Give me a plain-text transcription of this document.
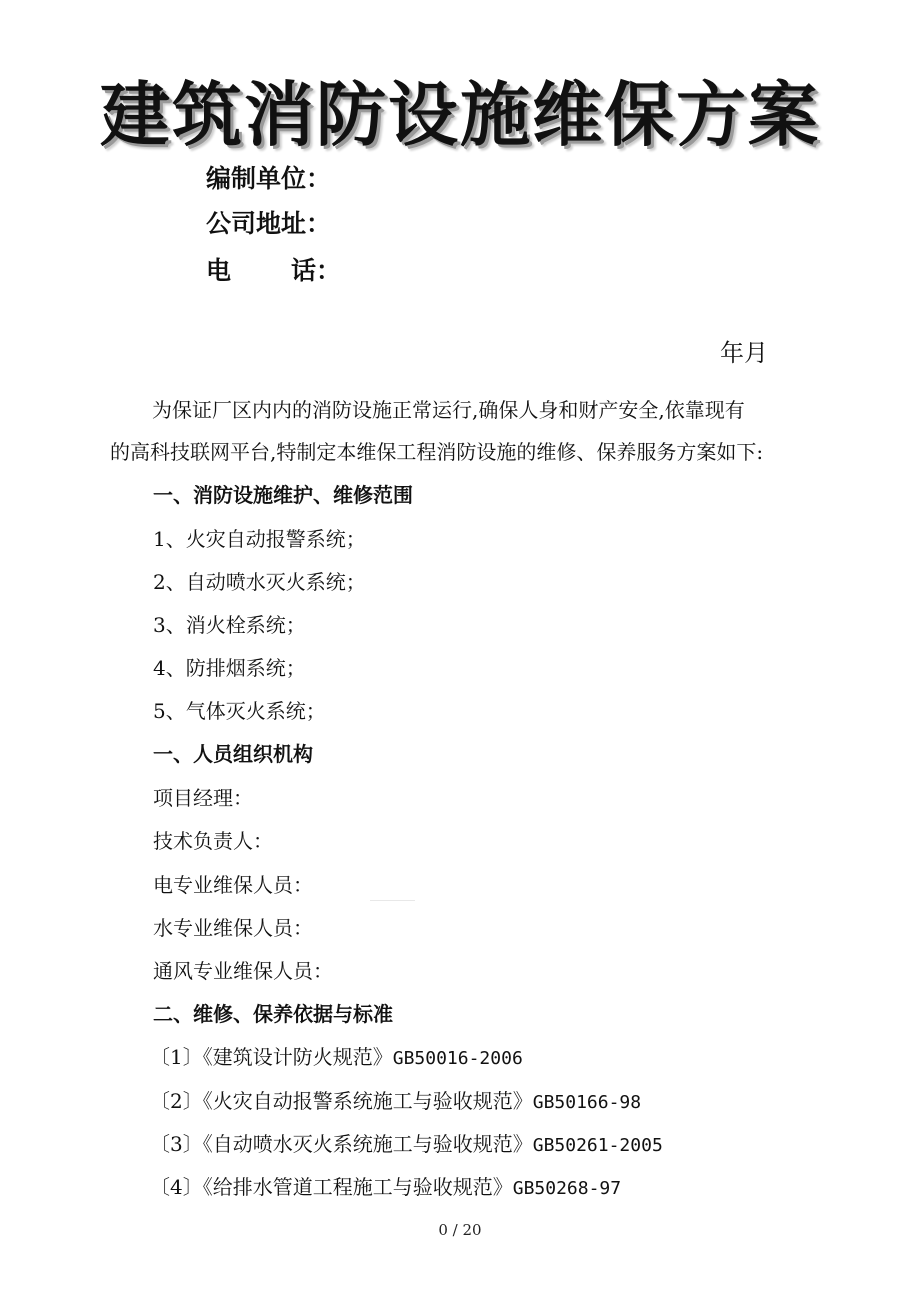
建筑消防设施维保方案
编制单位：
公司地址：
电 话：
年月
为保证厂区内内的消防设施正常运行,确保人身和财产安全,依靠现有
的高科技联网平台,特制定本维保工程消防设施的维修、保养服务方案如下:
一、消防设施维护、维修范围
1、火灾自动报警系统；
2、自动喷水灭火系统；
3、消火栓系统；
4、防排烟系统；
5、气体灭火系统；
一、人员组织机构
项目经理：
技术负责人：
电专业维保人员：
水专业维保人员：
通风专业维保人员：
二、维修、保养依据与标准
〔1〕《建筑设计防火规范》GB50016-2006
〔2〕《火灾自动报警系统施工与验收规范》GB50166-98
〔3〕《自动喷水灭火系统施工与验收规范》GB50261-2005
〔4〕《给排水管道工程施工与验收规范》GB50268-97
0 / 20
